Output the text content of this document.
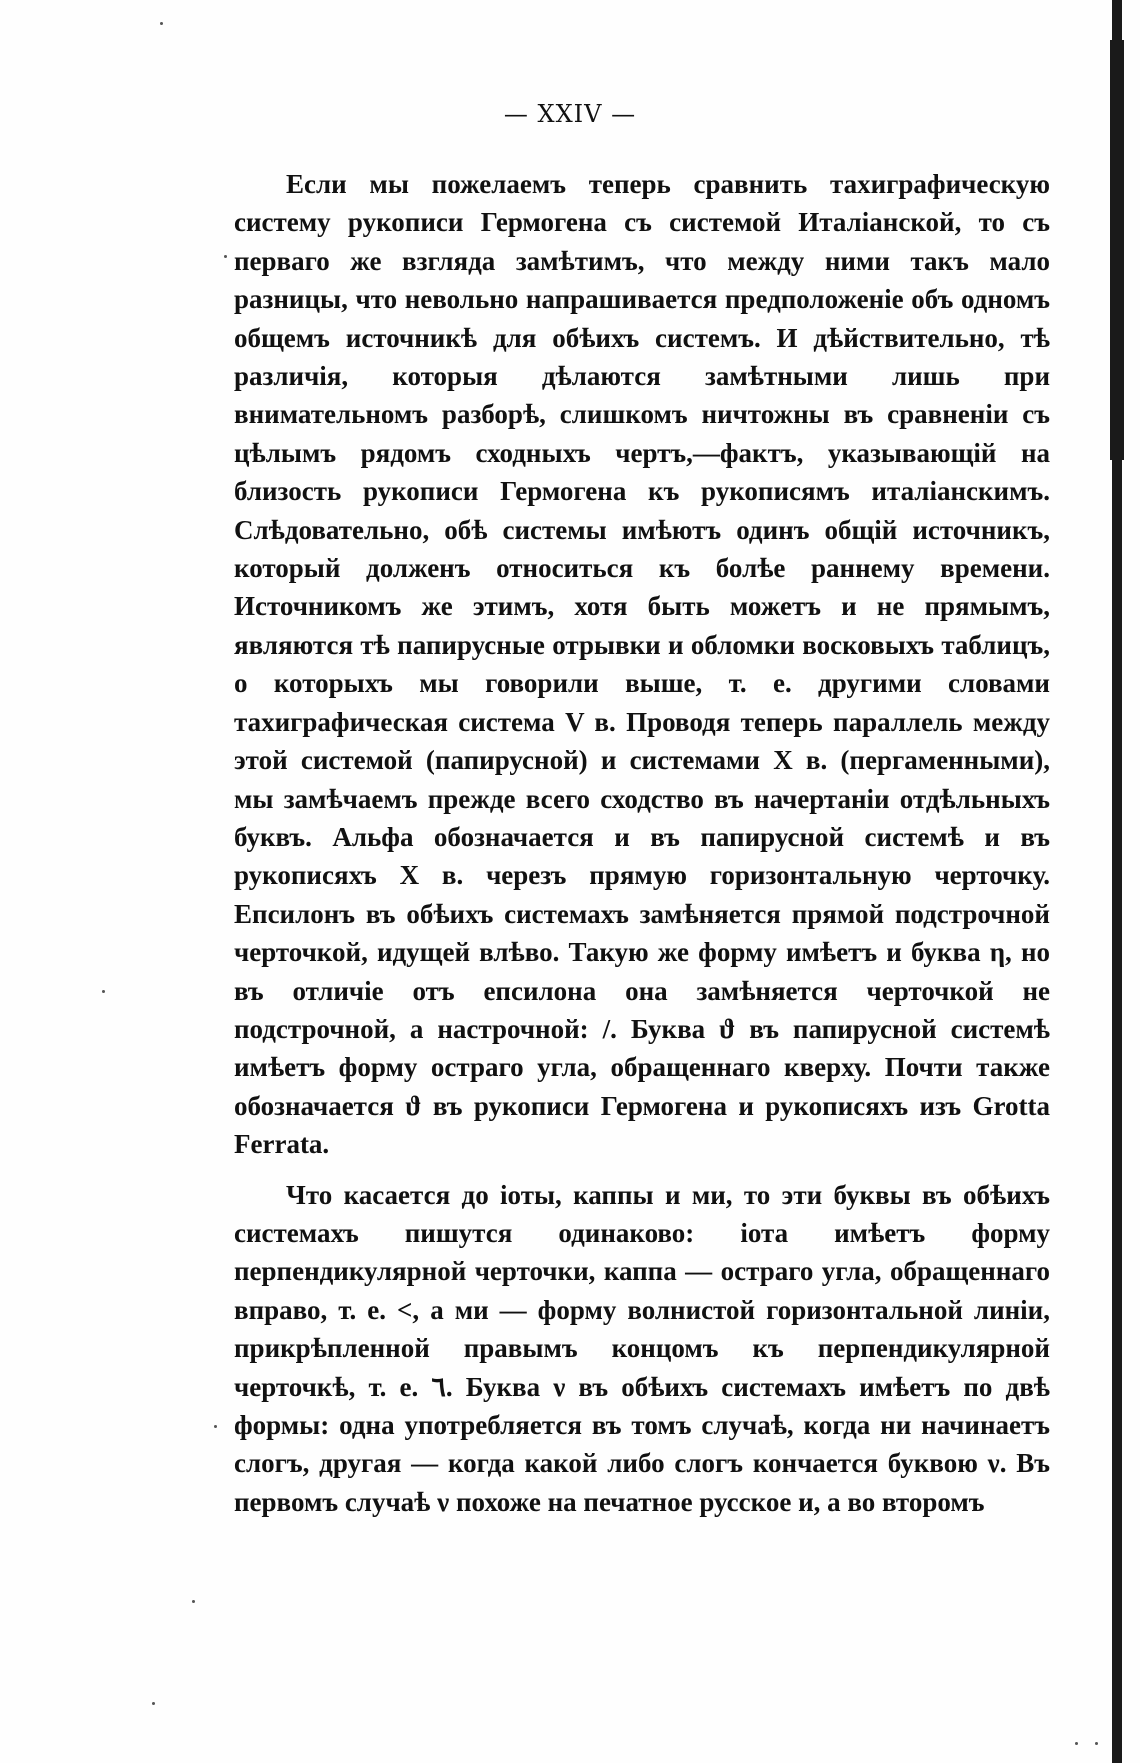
— XXIV —

Если мы пожелаемъ теперь сравнить тахиграфическую систему рукописи Гермогена съ системой Италіанской, то съ перваго же взгляда замѣтимъ, что между ними такъ мало разницы, что невольно напрашивается предположеніе объ одномъ общемъ источникѣ для обѣихъ системъ. И дѣйствительно, тѣ различія, которыя дѣлаются замѣтными лишь при внимательномъ разборѣ, слишкомъ ничтожны въ сравненіи съ цѣлымъ рядомъ сходныхъ чертъ,—фактъ, указывающій на близость рукописи Гермогена къ рукописямъ италіанскимъ. Слѣдовательно, обѣ системы имѣютъ одинъ общій источникъ, который долженъ относиться къ болѣе раннему времени. Источникомъ же этимъ, хотя быть можетъ и не прямымъ, являются тѣ папирусные отрывки и обломки восковыхъ таблицъ, о которыхъ мы говорили выше, т. е. другими словами тахиграфическая система V в. Проводя теперь параллель между этой системой (папирусной) и системами X в. (пергаменными), мы замѣчаемъ прежде всего сходство въ начертаніи отдѣльныхъ буквъ. Альфа обозначается и въ папирусной системѣ и въ рукописяхъ X в. черезъ прямую горизонтальную черточку. Епсилонъ въ обѣихъ системахъ замѣняется прямой подстрочной черточкой, идущей влѣво. Такую же форму имѣетъ и буква η, но въ отличіе отъ епсилона она замѣняется черточкой не подстрочной, а настрочной: /. Буква ϑ въ папирусной системѣ имѣетъ форму остраго угла, обращеннаго кверху. Почти также обозначается ϑ въ рукописи Гермогена и рукописяхъ изъ Grotta Ferrata.

Что касается до іоты, каппы и ми, то эти буквы въ обѣихъ системахъ пишутся одинаково: іота имѣетъ форму перпендикулярной черточки, каппа — остраго угла, обращеннаго вправо, т. е. <, а ми — форму волнистой горизонтальной линіи, прикрѣпленной правымъ концомъ къ перпендикулярной черточкѣ, т. е. ٦. Буква ν въ обѣихъ системахъ имѣетъ по двѣ формы: одна употребляется въ томъ случаѣ, когда ни начинаетъ слогъ, другая — когда какой либо слогъ кончается буквою ν. Въ первомъ случаѣ ν похоже на печатное русское и, а во второмъ
